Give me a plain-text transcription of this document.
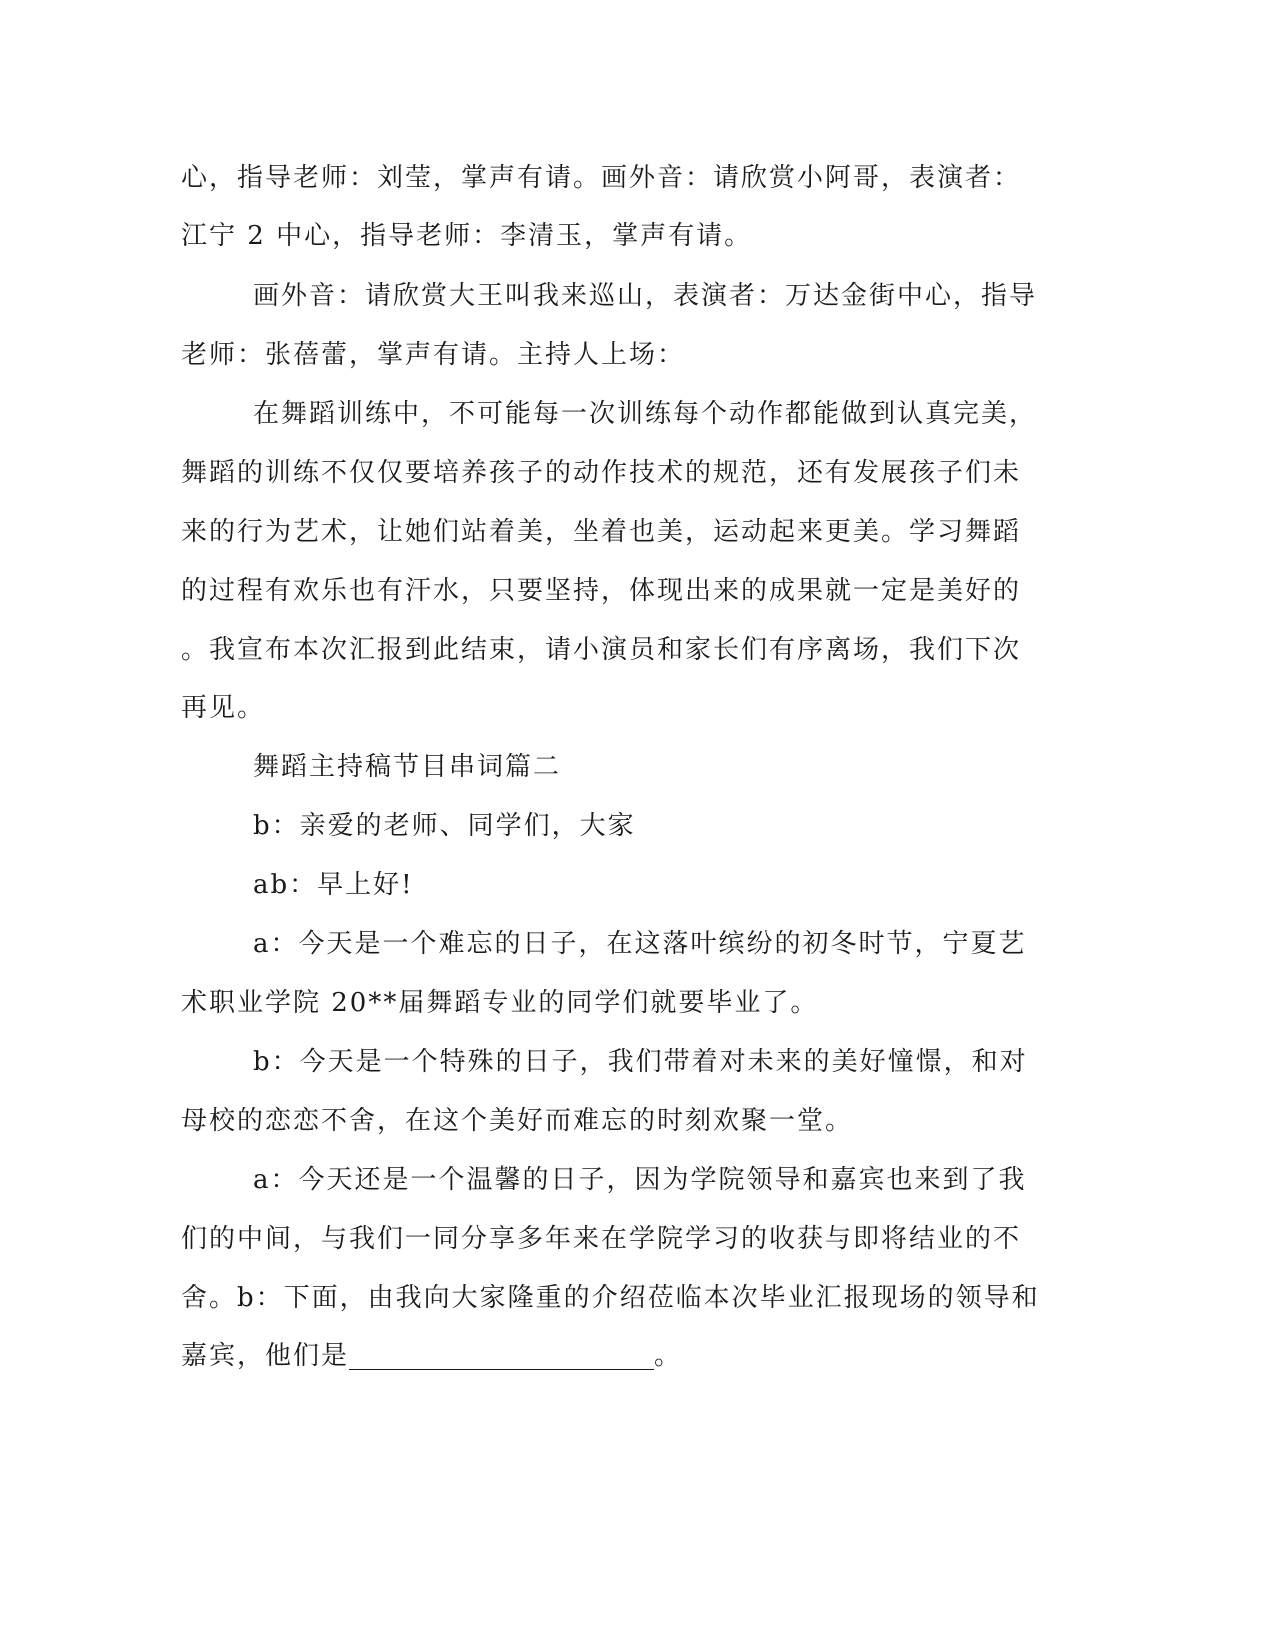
心，指导老师：刘莹，掌声有请。画外音：请欣赏小阿哥，表演者：
江宁 2 中心，指导老师：李清玉，掌声有请。
画外音：请欣赏大王叫我来巡山，表演者：万达金街中心，指导
老师：张蓓蕾，掌声有请。主持人上场：
在舞蹈训练中，不可能每一次训练每个动作都能做到认真完美，
舞蹈的训练不仅仅要培养孩子的动作技术的规范，还有发展孩子们未
来的行为艺术，让她们站着美，坐着也美，运动起来更美。学习舞蹈
的过程有欢乐也有汗水，只要坚持，体现出来的成果就一定是美好的
。我宣布本次汇报到此结束，请小演员和家长们有序离场，我们下次
再见。
舞蹈主持稿节目串词篇二
b：亲爱的老师、同学们，大家
ab：早上好!
a：今天是一个难忘的日子，在这落叶缤纷的初冬时节，宁夏艺
术职业学院 20**届舞蹈专业的同学们就要毕业了。
b：今天是一个特殊的日子，我们带着对未来的美好憧憬，和对
母校的恋恋不舍，在这个美好而难忘的时刻欢聚一堂。
a：今天还是一个温馨的日子，因为学院领导和嘉宾也来到了我
们的中间，与我们一同分享多年来在学院学习的收获与即将结业的不
舍。b：下面，由我向大家隆重的介绍莅临本次毕业汇报现场的领导和
嘉宾，他们是	。
